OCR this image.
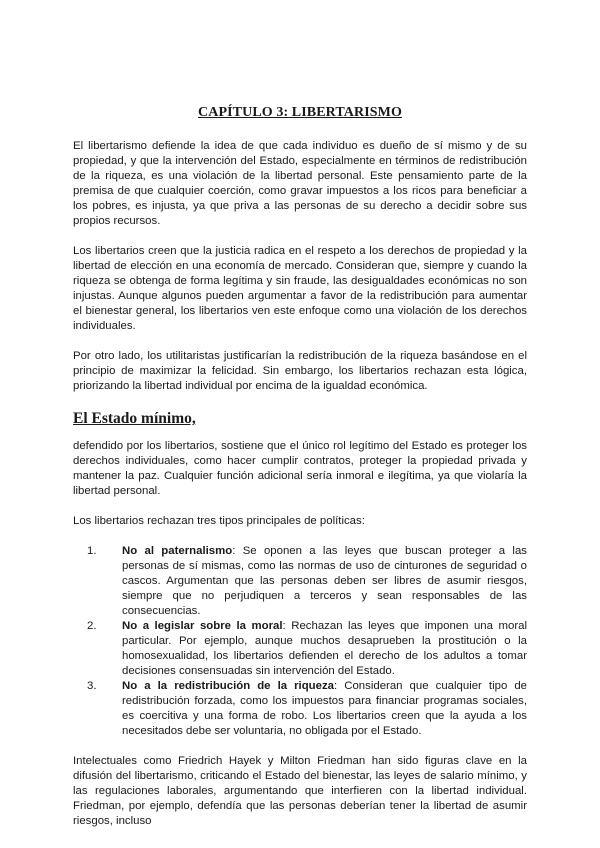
CAPÍTULO 3: LIBERTARISMO

El libertarismo defiende la idea de que cada individuo es dueño de sí mismo y de su propiedad, y que la intervención del Estado, especialmente en términos de redistribución de la riqueza, es una violación de la libertad personal. Este pensamiento parte de la premisa de que cualquier coerción, como gravar impuestos a los ricos para beneficiar a los pobres, es injusta, ya que priva a las personas de su derecho a decidir sobre sus propios recursos.

Los libertarios creen que la justicia radica en el respeto a los derechos de propiedad y la libertad de elección en una economía de mercado. Consideran que, siempre y cuando la riqueza se obtenga de forma legítima y sin fraude, las desigualdades económicas no son injustas. Aunque algunos pueden argumentar a favor de la redistribución para aumentar el bienestar general, los libertarios ven este enfoque como una violación de los derechos individuales.

Por otro lado, los utilitaristas justificarían la redistribución de la riqueza basándose en el principio de maximizar la felicidad. Sin embargo, los libertarios rechazan esta lógica, priorizando la libertad individual por encima de la igualdad económica.

El Estado mínimo,

defendido por los libertarios, sostiene que el único rol legítimo del Estado es proteger los derechos individuales, como hacer cumplir contratos, proteger la propiedad privada y mantener la paz. Cualquier función adicional sería inmoral e ilegítima, ya que violaría la libertad personal.

Los libertarios rechazan tres tipos principales de políticas:

1.	No al paternalismo: Se oponen a las leyes que buscan proteger a las personas de sí mismas, como las normas de uso de cinturones de seguridad o cascos. Argumentan que las personas deben ser libres de asumir riesgos, siempre que no perjudiquen a terceros y sean responsables de las consecuencias.
2.	No a legislar sobre la moral: Rechazan las leyes que imponen una moral particular. Por ejemplo, aunque muchos desaprueben la prostitución o la homosexualidad, los libertarios defienden el derecho de los adultos a tomar decisiones consensuadas sin intervención del Estado.
3.	No a la redistribución de la riqueza: Consideran que cualquier tipo de redistribución forzada, como los impuestos para financiar programas sociales, es coercitiva y una forma de robo. Los libertarios creen que la ayuda a los necesitados debe ser voluntaria, no obligada por el Estado.

Intelectuales como Friedrich Hayek y Milton Friedman han sido figuras clave en la difusión del libertarismo, criticando el Estado del bienestar, las leyes de salario mínimo, y las regulaciones laborales, argumentando que interfieren con la libertad individual. Friedman, por ejemplo, defendía que las personas deberían tener la libertad de asumir riesgos, incluso
